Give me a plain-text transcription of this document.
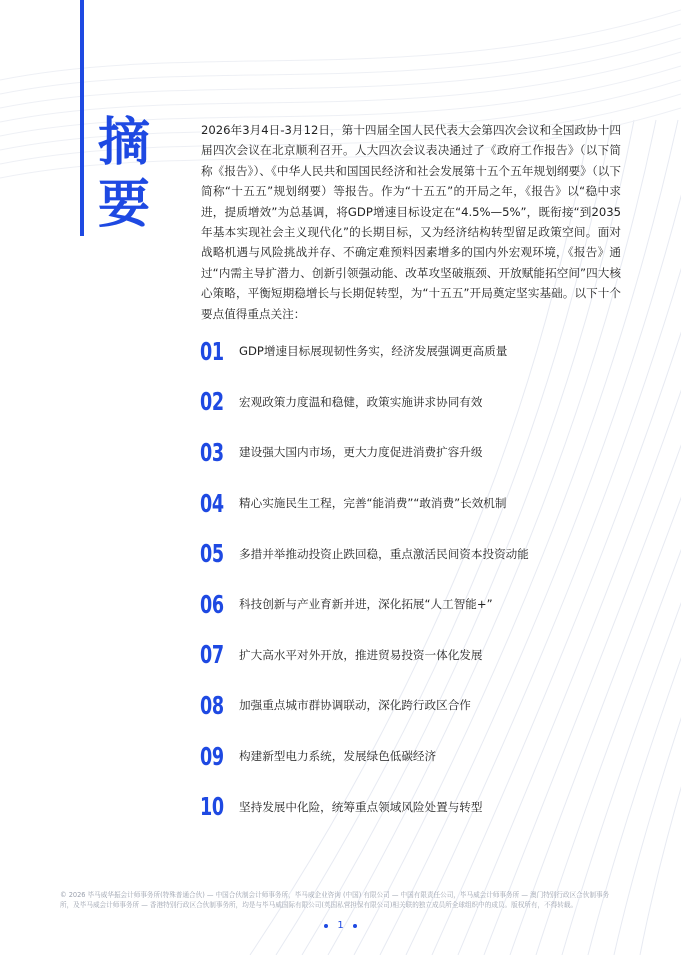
摘
要
2026年3月4日-3月12日，第十四届全国人民代表大会第四次会议和全国政协十四届四次会议在北京顺利召开。人大四次会议表决通过了《政府工作报告》（以下简称《报告》）、《中华人民共和国国民经济和社会发展第十五个五年规划纲要》（以下简称“十五五”规划纲要）等报告。作为“十五五”的开局之年，《报告》以“稳中求进，提质增效”为总基调，将GDP增速目标设定在“4.5%—5%”，既衔接“到2035年基本实现社会主义现代化”的长期目标，又为经济结构转型留足政策空间。面对战略机遇与风险挑战并存、不确定难预料因素增多的国内外宏观环境，《报告》通过“内需主导扩潜力、创新引领强动能、改革攻坚破瓶颈、开放赋能拓空间”四大核心策略，平衡短期稳增长与长期促转型，为“十五五”开局奠定坚实基础。以下十个要点值得重点关注：
01	GDP增速目标展现韧性务实，经济发展强调更高质量
02	宏观政策力度温和稳健，政策实施讲求协同有效
03	建设强大国内市场，更大力度促进消费扩容升级
04	精心实施民生工程，完善“能消费”“敢消费”长效机制
05	多措并举推动投资止跌回稳，重点激活民间资本投资动能
06	科技创新与产业育新并进，深化拓展“人工智能+”
07	扩大高水平对外开放，推进贸易投资一体化发展
08	加强重点城市群协调联动，深化跨行政区合作
09	构建新型电力系统，发展绿色低碳经济
10	坚持发展中化险，统筹重点领域风险处置与转型
© 2026 毕马威华振会计师事务所(特殊普通合伙) — 中国合伙制会计师事务所，毕马威企业咨询 (中国) 有限公司 — 中国有限责任公司，毕马威会计师事务所 — 澳门特别行政区合伙制事务所，及毕马威会计师事务所 — 香港特别行政区合伙制事务所，均是与毕马威国际有限公司(英国私营担保有限公司)相关联的独立成员所全球组织中的成员。版权所有，不得转载。
1
